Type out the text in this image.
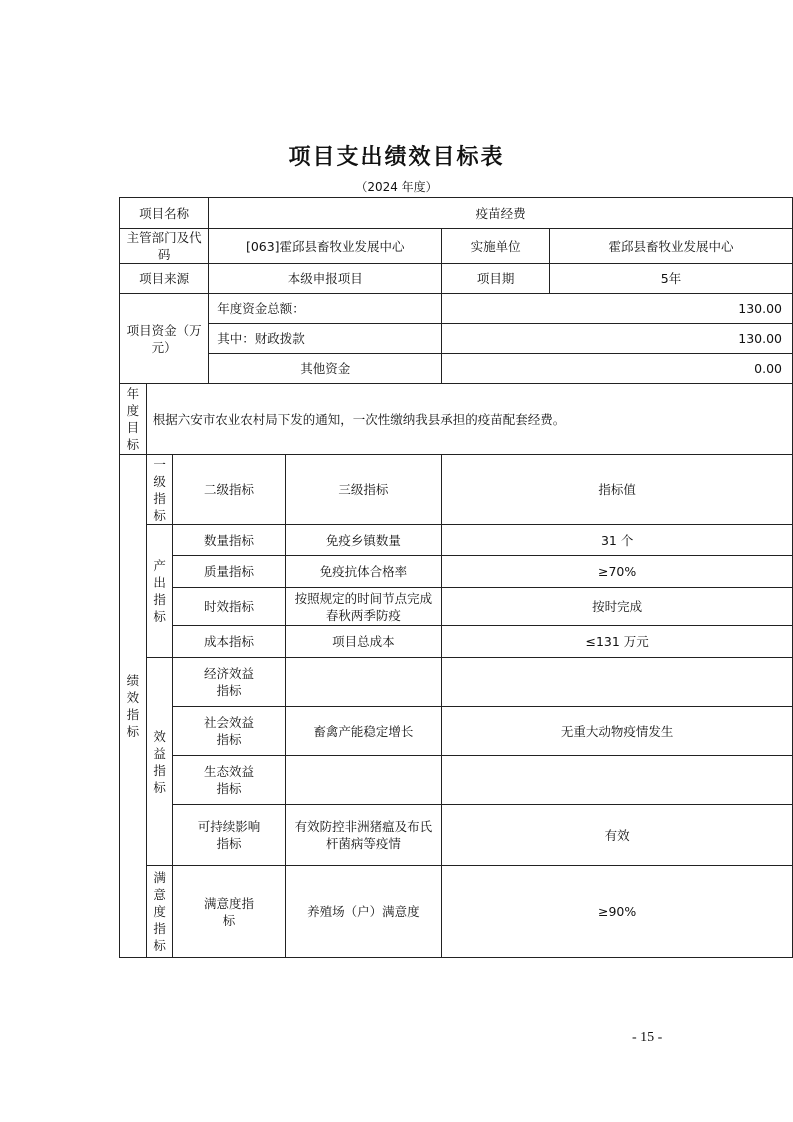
项目支出绩效目标表
（2024 年度）
项目名称			疫苗经费			
主管部门及代码			[063]霍邱县畜牧业发展中心		实施单位	霍邱县畜牧业发展中心
项目来源			本级申报项目		项目期	5年
项目资金（万元）			年度资金总额：		130.00	
			其中：财政拨款		130.00	
			其他资金		0.00	

年度目标	根据六安市农业农村局下发的通知，一次性缴纳我县承担的疫苗配套经费。					

绩效指标	一级指标	二级指标		三级指标	指标值	

	产出指标	数量指标		免疫乡镇数量	31 个	
		质量指标		免疫抗体合格率	≥70%	
		时效指标		按照规定的时间节点完成春秋两季防疫	按时完成	
		成本指标		项目总成本	≤131 万元	

	效益指标	经济效益指标				

		社会效益指标		畜禽产能稳定增长	无重大动物疫情发生	

		生态效益指标				

		可持续影响指标		有效防控非洲猪瘟及布氏杆菌病等疫情	有效	

	满意度指标	满意度指标		养殖场（户）满意度	≥90%	
- 15 -
